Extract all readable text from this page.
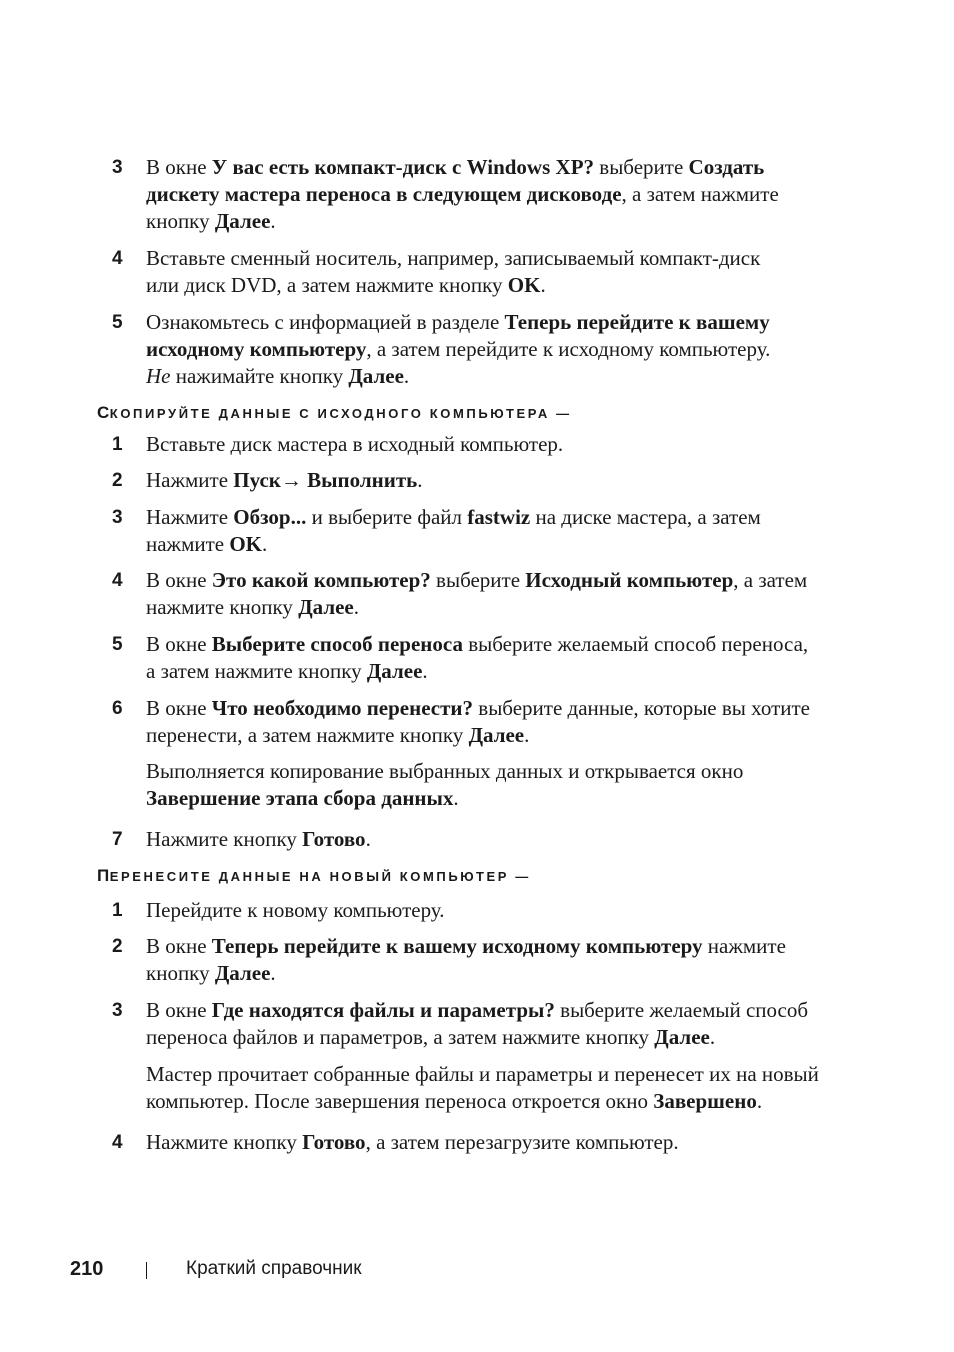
3	В окне У вас есть компакт-диск с Windows XP? выберите Создать
дискету мастера переноса в следующем дисководе, а затем нажмите
кнопку Далее.
4	Вставьте сменный носитель, например, записываемый компакт-диск
или диск DVD, а затем нажмите кнопку OK.
5	Ознакомьтесь с информацией в разделе Теперь перейдите к вашему
исходному компьютеру, а затем перейдите к исходному компьютеру.
Не нажимайте кнопку Далее.
СКОПИРУЙТЕ ДАННЫЕ С ИСХОДНОГО КОМПЬЮТЕРА —
1	Вставьте диск мастера в исходный компьютер.
2	Нажмите Пуск→ Выполнить.
3	Нажмите Обзор... и выберите файл fastwiz на диске мастера, а затем
нажмите OK.
4	В окне Это какой компьютер? выберите Исходный компьютер, а затем
нажмите кнопку Далее.
5	В окне Выберите способ переноса выберите желаемый способ переноса,
а затем нажмите кнопку Далее.
6	В окне Что необходимо перенести? выберите данные, которые вы хотите
перенести, а затем нажмите кнопку Далее.
Выполняется копирование выбранных данных и открывается окно
Завершение этапа сбора данных.
7	Нажмите кнопку Готово.
ПЕРЕНЕСИТЕ ДАННЫЕ НА НОВЫЙ КОМПЬЮТЕР —
1	Перейдите к новому компьютеру.
2	В окне Теперь перейдите к вашему исходному компьютеру нажмите
кнопку Далее.
3	В окне Где находятся файлы и параметры? выберите желаемый способ
переноса файлов и параметров, а затем нажмите кнопку Далее.
Мастер прочитает собранные файлы и параметры и перенесет их на новый
компьютер. После завершения переноса откроется окно Завершено.
4	Нажмите кнопку Готово, а затем перезагрузите компьютер.
210	Краткий справочник
